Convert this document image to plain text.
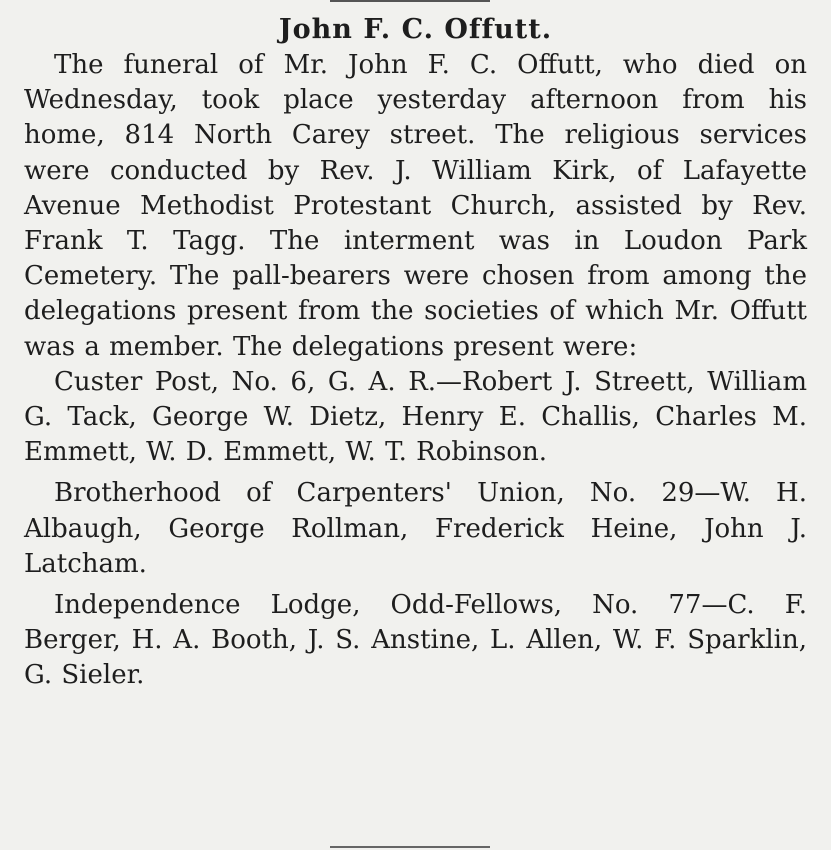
John F. C. Offutt.

The funeral of Mr. John F. C. Offutt, who died on Wednesday, took place yesterday afternoon from his home, 814 North Carey street. The religious services were conducted by Rev. J. William Kirk, of Lafayette Avenue Methodist Protestant Church, assisted by Rev. Frank T. Tagg. The interment was in Loudon Park Cemetery. The pall-bearers were chosen from among the delegations present from the societies of which Mr. Offutt was a member. The delegations present were:

Custer Post, No. 6, G. A. R.—Robert J. Streett, William G. Tack, George W. Dietz, Henry E. Challis, Charles M. Emmett, W. D. Emmett, W. T. Robinson.

Brotherhood of Carpenters' Union, No. 29—W. H. Albaugh, George Rollman, Frederick Heine, John J. Latcham.

Independence Lodge, Odd-Fellows, No. 77—C. F. Berger, H. A. Booth, J. S. Anstine, L. Allen, W. F. Sparklin, G. Sieler.
